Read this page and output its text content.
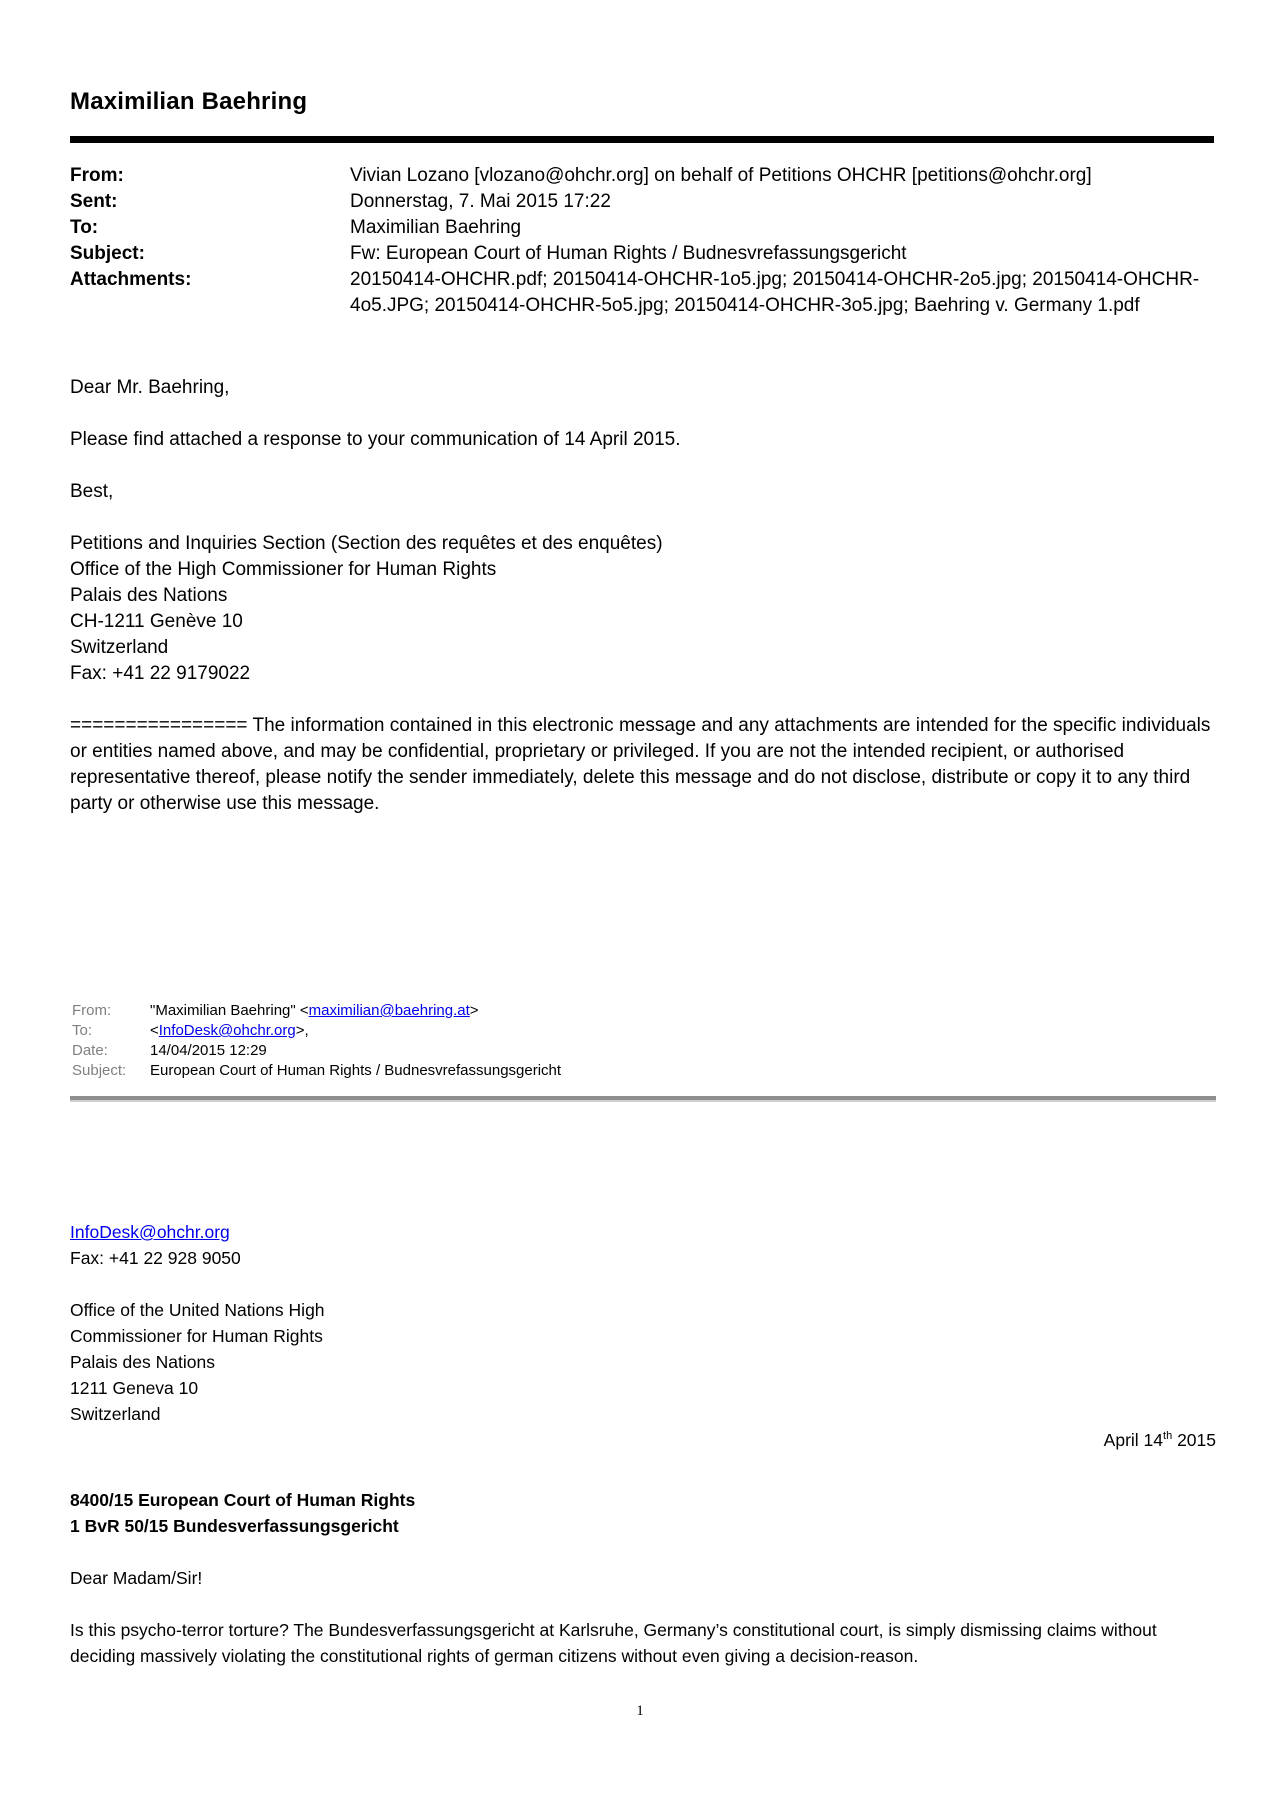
Maximilian Baehring
From:	Vivian Lozano [vlozano@ohchr.org] on behalf of Petitions OHCHR [petitions@ohchr.org]
Sent:	Donnerstag, 7. Mai 2015 17:22
To:	Maximilian Baehring
Subject:	Fw: European Court of Human Rights / Budnesvrefassungsgericht
Attachments:	20150414-OHCHR.pdf; 20150414-OHCHR-1o5.jpg; 20150414-OHCHR-2o5.jpg; 20150414-OHCHR-4o5.JPG; 20150414-OHCHR-5o5.jpg; 20150414-OHCHR-3o5.jpg; Baehring v. Germany 1.pdf
Dear Mr. Baehring,
Please find attached a response to your communication of 14 April 2015.
Best,
Petitions and Inquiries Section (Section des requêtes et des enquêtes)
Office of the High Commissioner for Human Rights
Palais des Nations
CH-1211 Genève 10
Switzerland
Fax: +41 22 9179022
================ The information contained in this electronic message and any attachments are intended for the specific individuals or entities named above, and may be confidential, proprietary or privileged. If you are not the intended recipient, or authorised representative thereof, please notify the sender immediately, delete this message and do not disclose, distribute or copy it to any third party or otherwise use this message.
From:	"Maximilian Baehring" <maximilian@baehring.at>
To:	<InfoDesk@ohchr.org>,
Date:	14/04/2015 12:29
Subject: European Court of Human Rights / Budnesvrefassungsgericht
InfoDesk@ohchr.org
Fax: +41 22 928 9050
Office of the United Nations High
Commissioner for Human Rights
Palais des Nations
1211 Geneva 10
Switzerland
April 14th 2015
8400/15 European Court of Human Rights
1 BvR 50/15 Bundesverfassungsgericht
Dear Madam/Sir!
Is this psycho-terror torture? The Bundesverfassungsgericht at Karlsruhe, Germany’s constitutional court, is simply dismissing claims without deciding massively violating the constitutional rights of german citizens without even giving a decision-reason.
1
